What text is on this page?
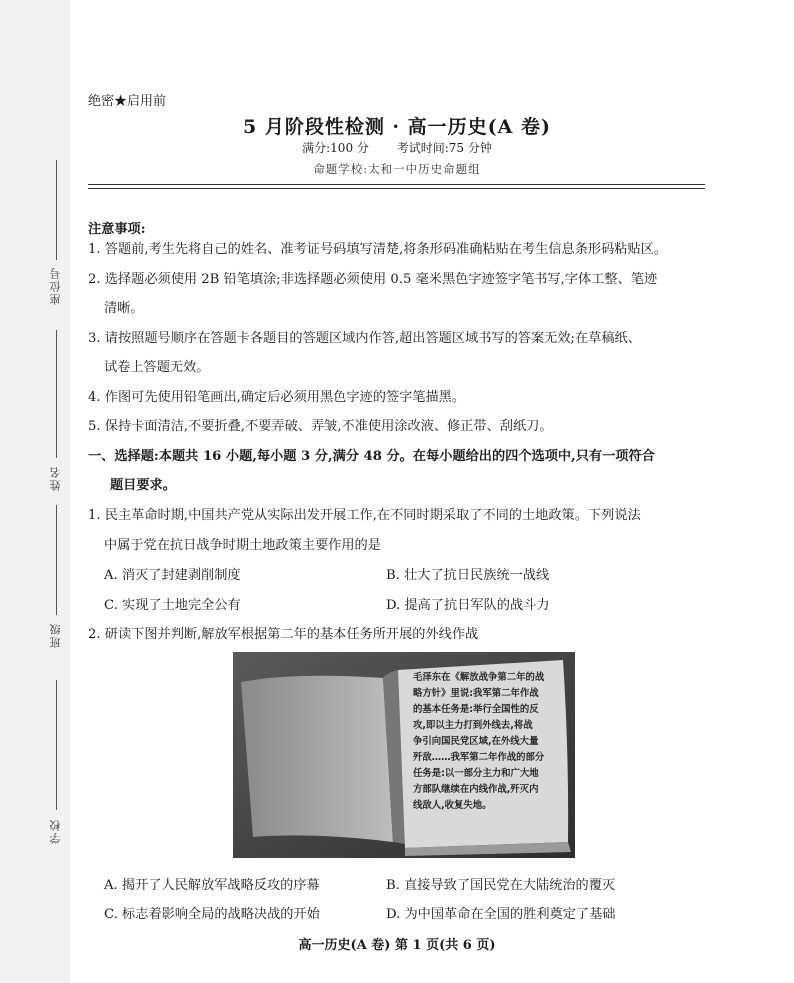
座位号
姓名
班级
学校
绝密★启用前
5 月阶段性检测 · 高一历史(A 卷)
满分:100 分 考试时间:75 分钟
命题学校:太和一中历史命题组
注意事项:
1. 答题前,考生先将自己的姓名、准考证号码填写清楚,将条形码准确粘贴在考生信息条形码粘贴区。
2. 选择题必须使用 2B 铅笔填涂;非选择题必须使用 0.5 毫米黑色字迹签字笔书写,字体工整、笔迹
清晰。
3. 请按照题号顺序在答题卡各题目的答题区域内作答,超出答题区域书写的答案无效;在草稿纸、
试卷上答题无效。
4. 作图可先使用铅笔画出,确定后必须用黑色字迹的签字笔描黑。
5. 保持卡面清洁,不要折叠,不要弄破、弄皱,不准使用涂改液、修正带、刮纸刀。
一、选择题:本题共 16 小题,每小题 3 分,满分 48 分。在每小题给出的四个选项中,只有一项符合
题目要求。
1. 民主革命时期,中国共产党从实际出发开展工作,在不同时期采取了不同的土地政策。下列说法
中属于党在抗日战争时期土地政策主要作用的是
A. 消灭了封建剥削制度	B. 壮大了抗日民族统一战线
C. 实现了土地完全公有	D. 提高了抗日军队的战斗力
2. 研读下图并判断,解放军根据第二年的基本任务所开展的外线作战
毛泽东在《解放战争第二年的战
略方针》里说:我军第二年作战
的基本任务是:举行全国性的反
攻,即以主力打到外线去,将战
争引向国民党区域,在外线大量
歼敌……我军第二年作战的部分
任务是:以一部分主力和广大地
方部队继续在内线作战,歼灭内
线敌人,收复失地。
A. 揭开了人民解放军战略反攻的序幕	B. 直接导致了国民党在大陆统治的覆灭
C. 标志着影响全局的战略决战的开始	D. 为中国革命在全国的胜利奠定了基础
高一历史(A 卷) 第 1 页(共 6 页)
